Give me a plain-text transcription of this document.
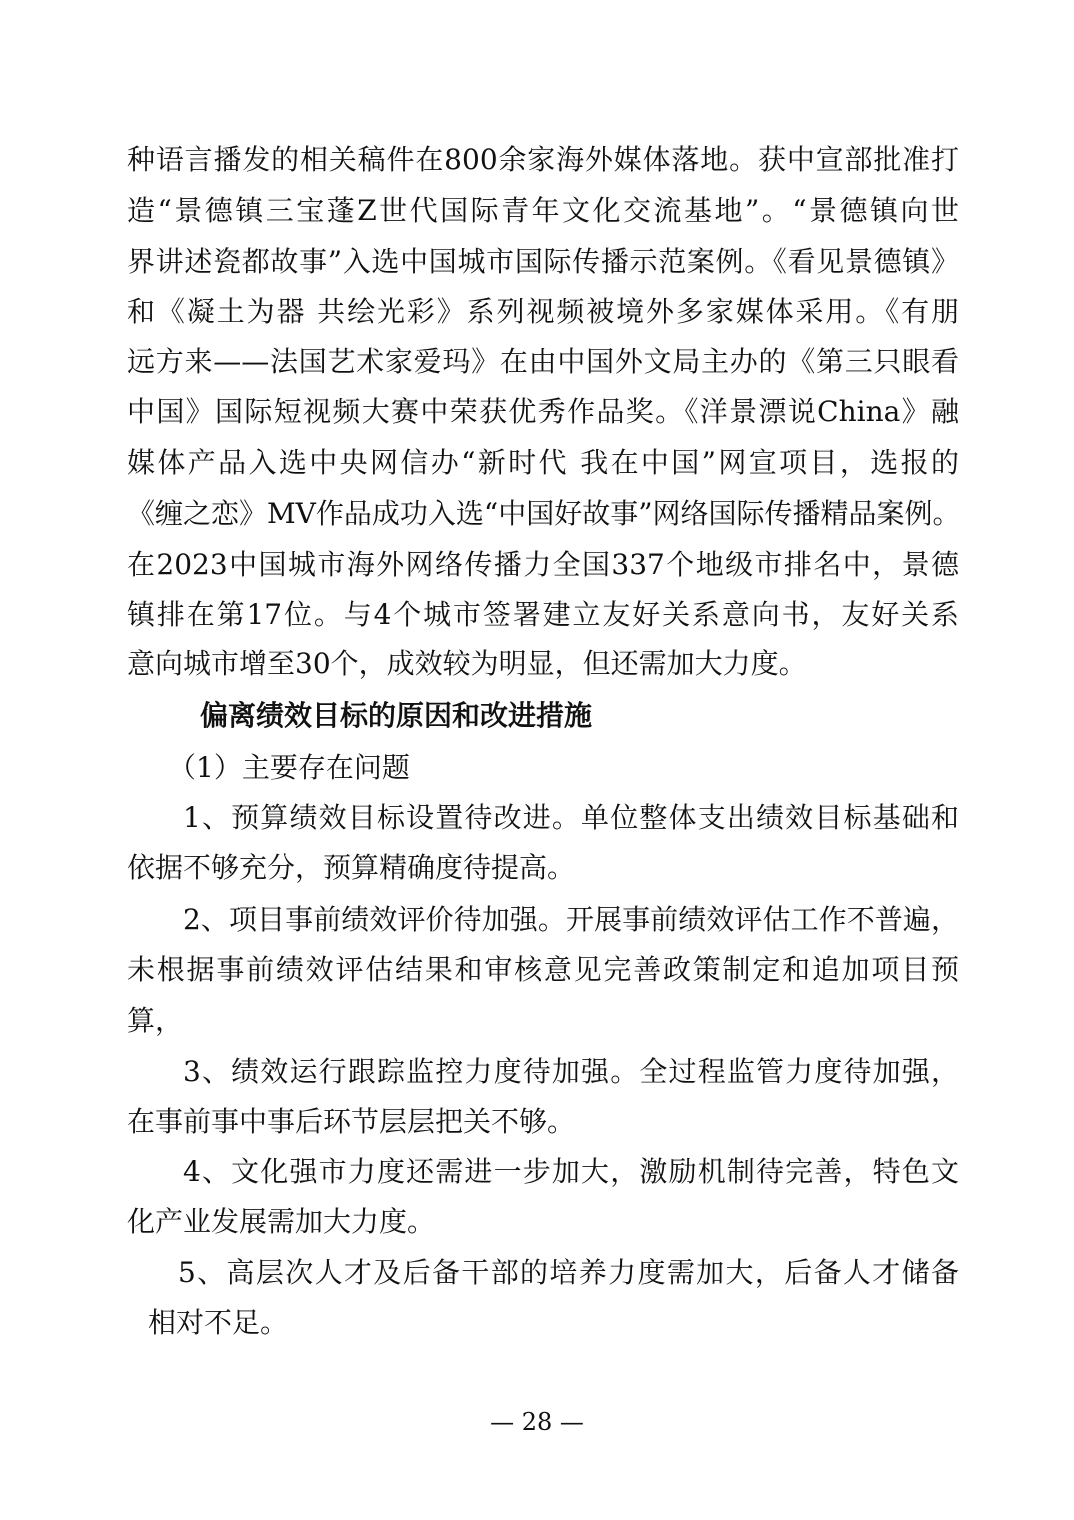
种语言播发的相关稿件在800余家海外媒体落地。获中宣部批准打
造“景德镇三宝蓬Z世代国际青年文化交流基地”。“景德镇向世
界讲述瓷都故事”入选中国城市国际传播示范案例。《看见景德镇》
和《凝土为器 共绘光彩》系列视频被境外多家媒体采用。《有朋
远方来——法国艺术家爱玛》在由中国外文局主办的《第三只眼看
中国》国际短视频大赛中荣获优秀作品奖。《洋景漂说China》融
媒体产品入选中央网信办“新时代 我在中国”网宣项目，选报的
《缠之恋》MV作品成功入选“中国好故事”网络国际传播精品案例。
在2023中国城市海外网络传播力全国337个地级市排名中，景德
镇排在第17位。与4个城市签署建立友好关系意向书，友好关系
意向城市增至30个，成效较为明显，但还需加大力度。
偏离绩效目标的原因和改进措施
（1）主要存在问题
1、预算绩效目标设置待改进。单位整体支出绩效目标基础和
依据不够充分，预算精确度待提高。
2、项目事前绩效评价待加强。开展事前绩效评估工作不普遍，
未根据事前绩效评估结果和审核意见完善政策制定和追加项目预
算，
3、绩效运行跟踪监控力度待加强。全过程监管力度待加强，
在事前事中事后环节层层把关不够。
4、文化强市力度还需进一步加大，激励机制待完善，特色文
化产业发展需加大力度。
5、高层次人才及后备干部的培养力度需加大，后备人才储备
相对不足。
— 28 —
